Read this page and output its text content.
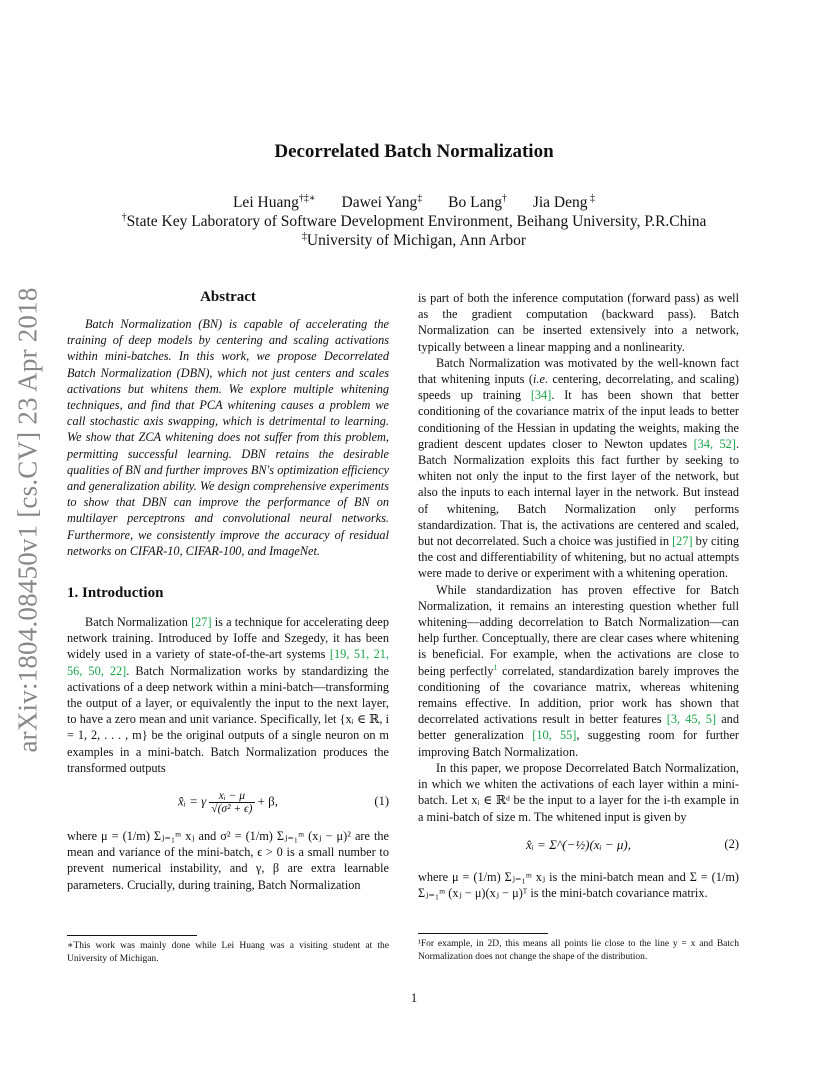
arXiv:1804.08450v1 [cs.CV] 23 Apr 2018
Decorrelated Batch Normalization
Lei Huang†‡∗ Dawei Yang‡ Bo Lang† Jia Deng ‡
†State Key Laboratory of Software Development Environment, Beihang University, P.R.China
‡University of Michigan, Ann Arbor
Abstract

Batch Normalization (BN) is capable of accelerating the training of deep models by centering and scaling activations within mini-batches. In this work, we propose Decorrelated Batch Normalization (DBN), which not just centers and scales activations but whitens them. We explore multiple whitening techniques, and find that PCA whitening causes a problem we call stochastic axis swapping, which is detrimental to learning. We show that ZCA whitening does not suffer from this problem, permitting successful learning. DBN retains the desirable qualities of BN and further improves BN's optimization efficiency and generalization ability. We design comprehensive experiments to show that DBN can improve the performance of BN on multilayer perceptrons and convolutional neural networks. Furthermore, we consistently improve the accuracy of residual networks on CIFAR-10, CIFAR-100, and ImageNet.

1. Introduction

Batch Normalization [27] is a technique for accelerating deep network training. Introduced by Ioffe and Szegedy, it has been widely used in a variety of state-of-the-art systems [19, 51, 21, 56, 50, 22]. Batch Normalization works by standardizing the activations of a deep network within a mini-batch—transforming the output of a layer, or equivalently the input to the next layer, to have a zero mean and unit variance. Specifically, let {xᵢ ∈ ℝ, i = 1, 2, . . . , m} be the original outputs of a single neuron on m examples in a mini-batch. Batch Normalization produces the transformed outputs

x̂ᵢ = γ $\frac{\text{xᵢ − μ}}{\text{√(σ² + ϵ)}} + \beta$,	(1)

where μ = (1/m) Σⱼ₌₁ᵐ xⱼ and σ² = (1/m) Σⱼ₌₁ᵐ (xⱼ − μ)² are the mean and variance of the mini-batch, ϵ > 0 is a small number to prevent numerical instability, and γ, β are extra learnable parameters. Crucially, during training, Batch Normalization

is part of both the inference computation (forward pass) as well as the gradient computation (backward pass). Batch Normalization can be inserted extensively into a network, typically between a linear mapping and a nonlinearity.

Batch Normalization was motivated by the well-known fact that whitening inputs (i.e. centering, decorrelating, and scaling) speeds up training [34]. It has been shown that better conditioning of the covariance matrix of the input leads to better conditioning of the Hessian in updating the weights, making the gradient descent updates closer to Newton updates [34, 52]. Batch Normalization exploits this fact further by seeking to whiten not only the input to the first layer of the network, but also the inputs to each internal layer in the network. But instead of whitening, Batch Normalization only performs standardization. That is, the activations are centered and scaled, but not decorrelated. Such a choice was justified in [27] by citing the cost and differentiability of whitening, but no actual attempts were made to derive or experiment with a whitening operation.

While standardization has proven effective for Batch Normalization, it remains an interesting question whether full whitening—adding decorrelation to Batch Normalization—can help further. Conceptually, there are clear cases where whitening is beneficial. For example, when the activations are close to being perfectly$^1$ correlated, standardization barely improves the conditioning of the covariance matrix, whereas whitening remains effective. In addition, prior work has shown that decorrelated activations result in better features [3, 45, 5] and better generalization [10, 55], suggesting room for further improving Batch Normalization.

In this paper, we propose Decorrelated Batch Normalization, in which we whiten the activations of each layer within a mini-batch. Let xᵢ ∈ ℝᵈ be the input to a layer for the i-th example in a mini-batch of size m. The whitened input is given by

x̂ᵢ = Σ^(−½)(xᵢ − μ),	(2)

where μ = (1/m) Σⱼ₌₁ᵐ xⱼ is the mini-batch mean and Σ = (1/m) Σⱼ₌₁ᵐ (xⱼ − μ)(xⱼ − μ)ᵀ is the mini-batch covariance matrix.

∗This work was mainly done while Lei Huang was a visiting student at the University of Michigan.
¹For example, in 2D, this means all points lie close to the line y = x and Batch Normalization does not change the shape of the distribution.
1
